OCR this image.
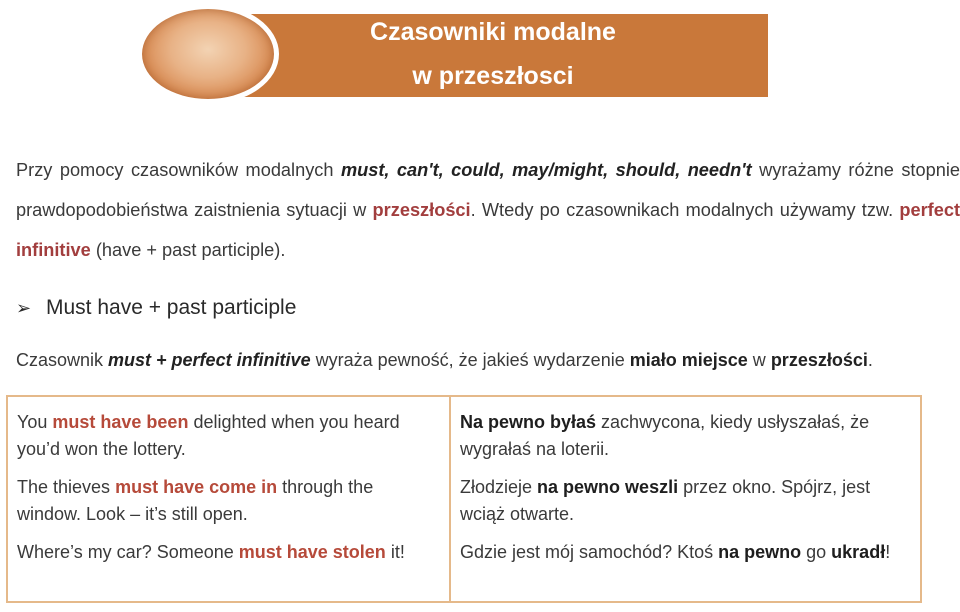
Czasowniki modalne
w przeszłosci

Przy pomocy czasowników modalnych must, can't, could, may/might, should, needn't wyrażamy różne stopnie prawdopodobieństwa zaistnienia sytuacji w przeszłości. Wtedy po czasownikach modalnych używamy tzw. perfect infinitive (have + past participle).

➢ Must have + past participle

Czasownik must + perfect infinitive wyraża pewność, że jakieś wydarzenie miało miejsce w przeszłości.

You must have been delighted when you heard you’d won the lottery.

The thieves must have come in through the window. Look – it’s still open.

Where’s my car? Someone must have stolen it!

Na pewno byłaś zachwycona, kiedy usłyszałaś, że wygrałaś na loterii.

Złodzieje na pewno weszli przez okno. Spójrz, jest wciąż otwarte.

Gdzie jest mój samochód? Ktoś na pewno go ukradł!
